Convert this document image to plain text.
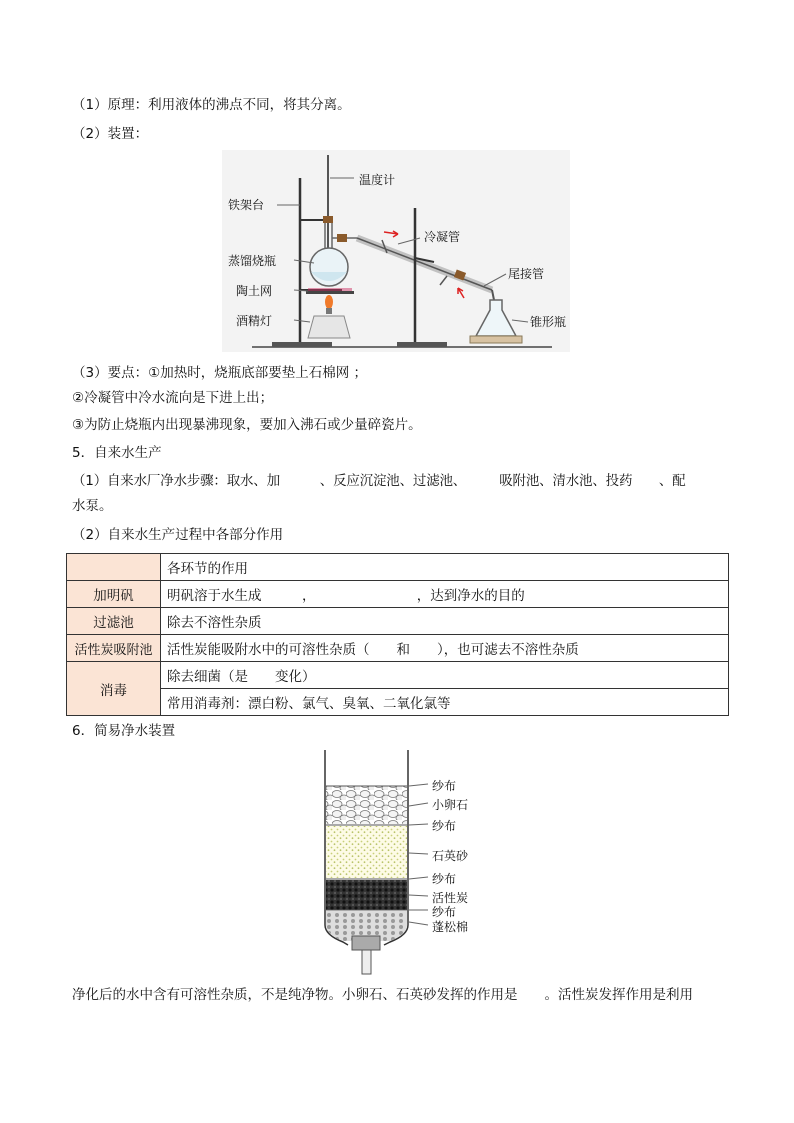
（1）原理：利用液体的沸点不同，将其分离。
（2）装置：
温度计
铁架台
冷凝管
蒸馏烧瓶
尾接管
陶土网
酒精灯	锥形瓶
（3）要点：①加热时，烧瓶底部要垫上石棉网 ；
②冷凝管中冷水流向是下进上出；
③为防止烧瓶内出现暴沸现象，要加入沸石或少量碎瓷片。
5．自来水生产
（1）自来水厂净水步骤：取水、加　　　、反应沉淀池、过滤池、　　　吸附池、清水池、投药　　、配
水泵。
（2）自来水生产过程中各部分作用
	各环节的作用
加明矾	明矾溶于水生成　　　，　　　　　　　　，达到净水的目的
过滤池	除去不溶性杂质
活性炭吸附池	活性炭能吸附水中的可溶性杂质（　　和　　），也可滤去不溶性杂质
消毒	除去细菌（是　　变化）
	常用消毒剂：漂白粉、氯气、臭氧、二氧化氯等
6．简易净水装置
纱布
小卵石
纱布
石英砂
纱布
活性炭
纱布
蓬松棉
净化后的水中含有可溶性杂质，不是纯净物。小卵石、石英砂发挥的作用是　　。活性炭发挥作用是利用
